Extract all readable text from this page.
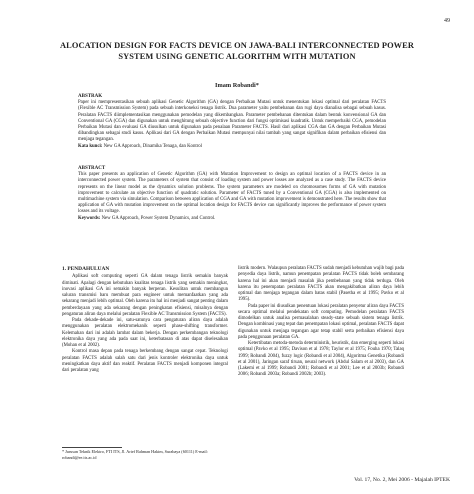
49
ALOCATION DESIGN FOR FACTS DEVICE ON JAWA-BALI INTERCONNECTED POWER SYSTEM USING GENETIC ALGORITHM WITH MUTATION
Imam Robandi*
ABSTRAK
Paper ini mempresentasikan sebuah aplikasi Genetic Algorithm (GA) dengan Perbaikan Mutasi untuk menentukan lokasi optimal dari peralatan FACTS (Flexible AC Transmission System) pada sebuah interkoneksi tenaga listrik. Dua parameter yaitu pembebanan dan rugi daya dianalisa sebagai sebuah kasus. Peralatan FACTS diimplementasikan menggunakan pemodelan yang dikembangkan. Parameter pembebanan ditentukan dalam bentuk konvensional GA dan Conventional GA (CGA) dan digunakan untuk menghitung sebuah objective function dari fungsi optimisasi kuadratik. Untuk memperbaiki CGA, pemodelan Perbaikan Mutasi dan evaluasi GA diusulkan untuk digunakan pada penalaan Parameter FACTS. Hasil dari aplikasi CGA dan GA dengan Perbaikan Mutasi dibandingkan sebagai studi kasus. Aplikasi dari GA dengan Perbaikan Mutasi mempunyai nilai tambah yang sangat signifikan dalam perbaikan efisiensi dan menjaga tegangan.
Kata kunci: New GA Approach, Dinamika Tenaga, dan Kontrol
ABSTRACT
This paper presents an application of Genetic Algorithm (GA) with Mutation Improvement to design an optimal location of a FACTS device in an interconnected power system. The parameters of system that consist of loading system and power losses are analyzed as a case study. The FACTS device represents on the linear model as the dynamics solution problems. The system parameters are modeled on chromosomes forms of GA with mutation improvement to calculate an objective function of quadratic solution. Parameter of FACTS tuned by a Conventional GA (CGA) is also implemented on multimachine system via simulation. Comparison between application of CGA and GA with mutation improvement is demonstrated here. The results show that application of GA with mutation improvement on the optimal location design for FACTS device can significantly improves the performance of power system losses and its voltage.
Keywords: New GA Approach, Power System Dynamics, and Control.
1. PENDAHULUAN

Aplikasi soft computing seperti GA dalam tenaga listrik semakin banyak diminati. Apalagi dengan kebutuhan kualitas tenaga listrik yang semakin meningkat, inovasi aplikasi GA ini semakin banyak berperan. Kesulitan untuk membangun saluran transmisi baru membuat para engineer untuk memanfaatkan yang ada sekarang menjadi lebih optimal. Oleh karena itu hal ini menjadi sangat penting dalam pemberdayaan yang ada sekarang dengan peningkatan efisiensi, misalnya dengan pengaturan aliran daya melalui peralatan Flexible AC Transmission System (FACTS).

Pada dekade-dekade ini, satu-satunya cara pengaturan aliran daya adalah menggunakan peralatan elektromekanik seperti phase-shifting transformer. Kelemahan dari ini adalah lambat dalam bekerja. Dengan perkembangan teknologi elektronika daya yang ada pada saat ini, keterbatasan di atas dapat diselesaikan (Mohan et al 2002).

Kontrol masa depan pada tenaga berkembang dengan sangat cepat. Teknologi peralatan FACTS adalah salah satu dari jenis kontroler elektronika daya untuk meningkatkan daya aktif dan reaktif. Peralatan FACTS menjadi komponen integral dari peralatan yang

listrik modern. Walaupun peralatan FACTS sudah menjadi kebutuhan wajib bagi pada penyedia daya listrik, namun penempatan peralatan FACTS tidak boleh sembarang karena hal ini akan menjadi masalah jika pembebanan yang tidak terduga. Oleh karena itu penempatan peralatan FACTS akan mengakibatkan aliran daya lebih optimal dan menjaga tegangan dalam batas stabil (Pasetha et al 1995; Pavko et al 1995).

Pada paper ini diusulkan penentuan lokasi peralatan penyetur aliran daya FACTS secara optimal melalui pendekatan soft computing. Pemodelan peralatan FACTS dimodelkan untuk analisa permasalahan steady-state sebuah sistem tenaga listrik. Dengan kombinasi yang tepat dan penempatan lokasi optimal, peralatan FACTS dapat digunakan untuk menjaga tegangan agar tetap stabil serta perbaikan efisiensi daya pada penggunaan peralatan GA.

Ketertibatan metoda-metoda deterministik, heuristik, dan emerging seperti lokasi optimal (Pavko et al 1995; Davison et al 1978; Taylor et al 1975; Fouha 1970; Talaq 1999; Robandi 2004), fuzzy logic (Robandi et al 2004), Algoritma Genetika (Robandi et al 2001), Jaringan saraf tiruan, neural network (Abdul Salam et al 2003), dan GA (Lakemi et al 1999; Robandi 2001; Robandi et al 2001; Lee et al 2003b; Robandi 2006; Robandi 2003a; Robandi 2002b; 2003).

* Jurusan Teknik Elektro, FTI ITS, Jl. Arief Rahman Hakim, Surabaya (60111) E-mail: robandi@ee.its.ac.id
Vol. 17, No. 2, Mei 2006 - Majalah IPTEK
